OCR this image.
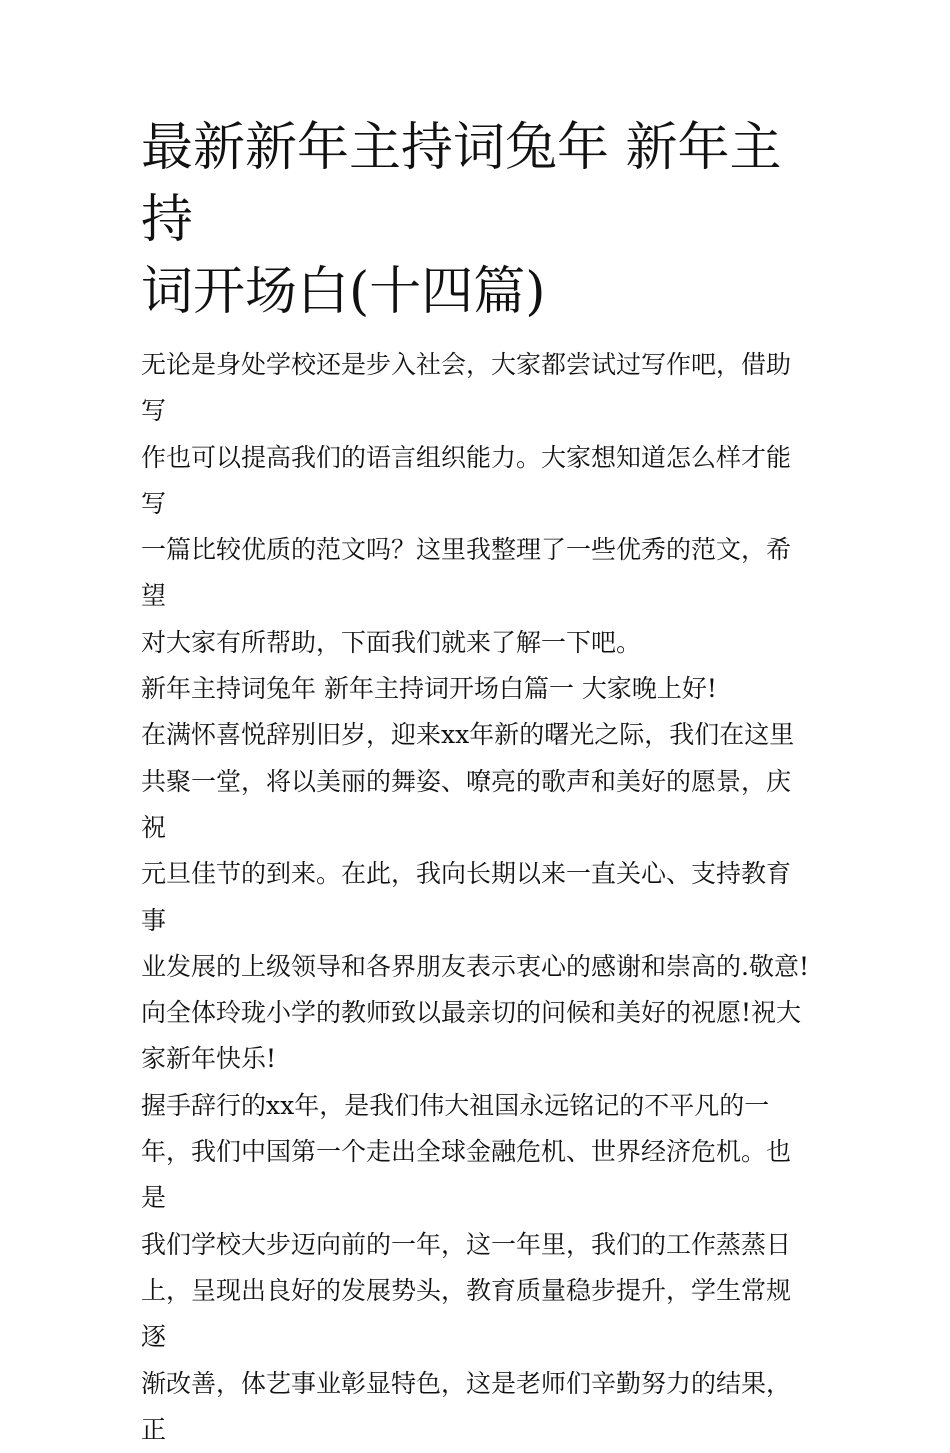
最新新年主持词兔年 新年主持
词开场白(十四篇)

无论是身处学校还是步入社会，大家都尝试过写作吧，借助写
作也可以提高我们的语言组织能力。大家想知道怎么样才能写
一篇比较优质的范文吗？这里我整理了一些优秀的范文，希望
对大家有所帮助，下面我们就来了解一下吧。

新年主持词兔年 新年主持词开场白篇一 大家晚上好!

在满怀喜悦辞别旧岁，迎来xx年新的曙光之际，我们在这里
共聚一堂，将以美丽的舞姿、嘹亮的歌声和美好的愿景，庆祝
元旦佳节的到来。在此，我向长期以来一直关心、支持教育事
业发展的上级领导和各界朋友表示衷心的感谢和崇高的.敬意!
向全体玲珑小学的教师致以最亲切的问候和美好的祝愿!祝大
家新年快乐!

握手辞行的xx年，是我们伟大祖国永远铭记的不平凡的一
年，我们中国第一个走出全球金融危机、世界经济危机。也是
我们学校大步迈向前的一年，这一年里，我们的工作蒸蒸日
上，呈现出良好的发展势头，教育质量稳步提升，学生常规逐
渐改善，体艺事业彰显特色，这是老师们辛勤努力的结果，正
